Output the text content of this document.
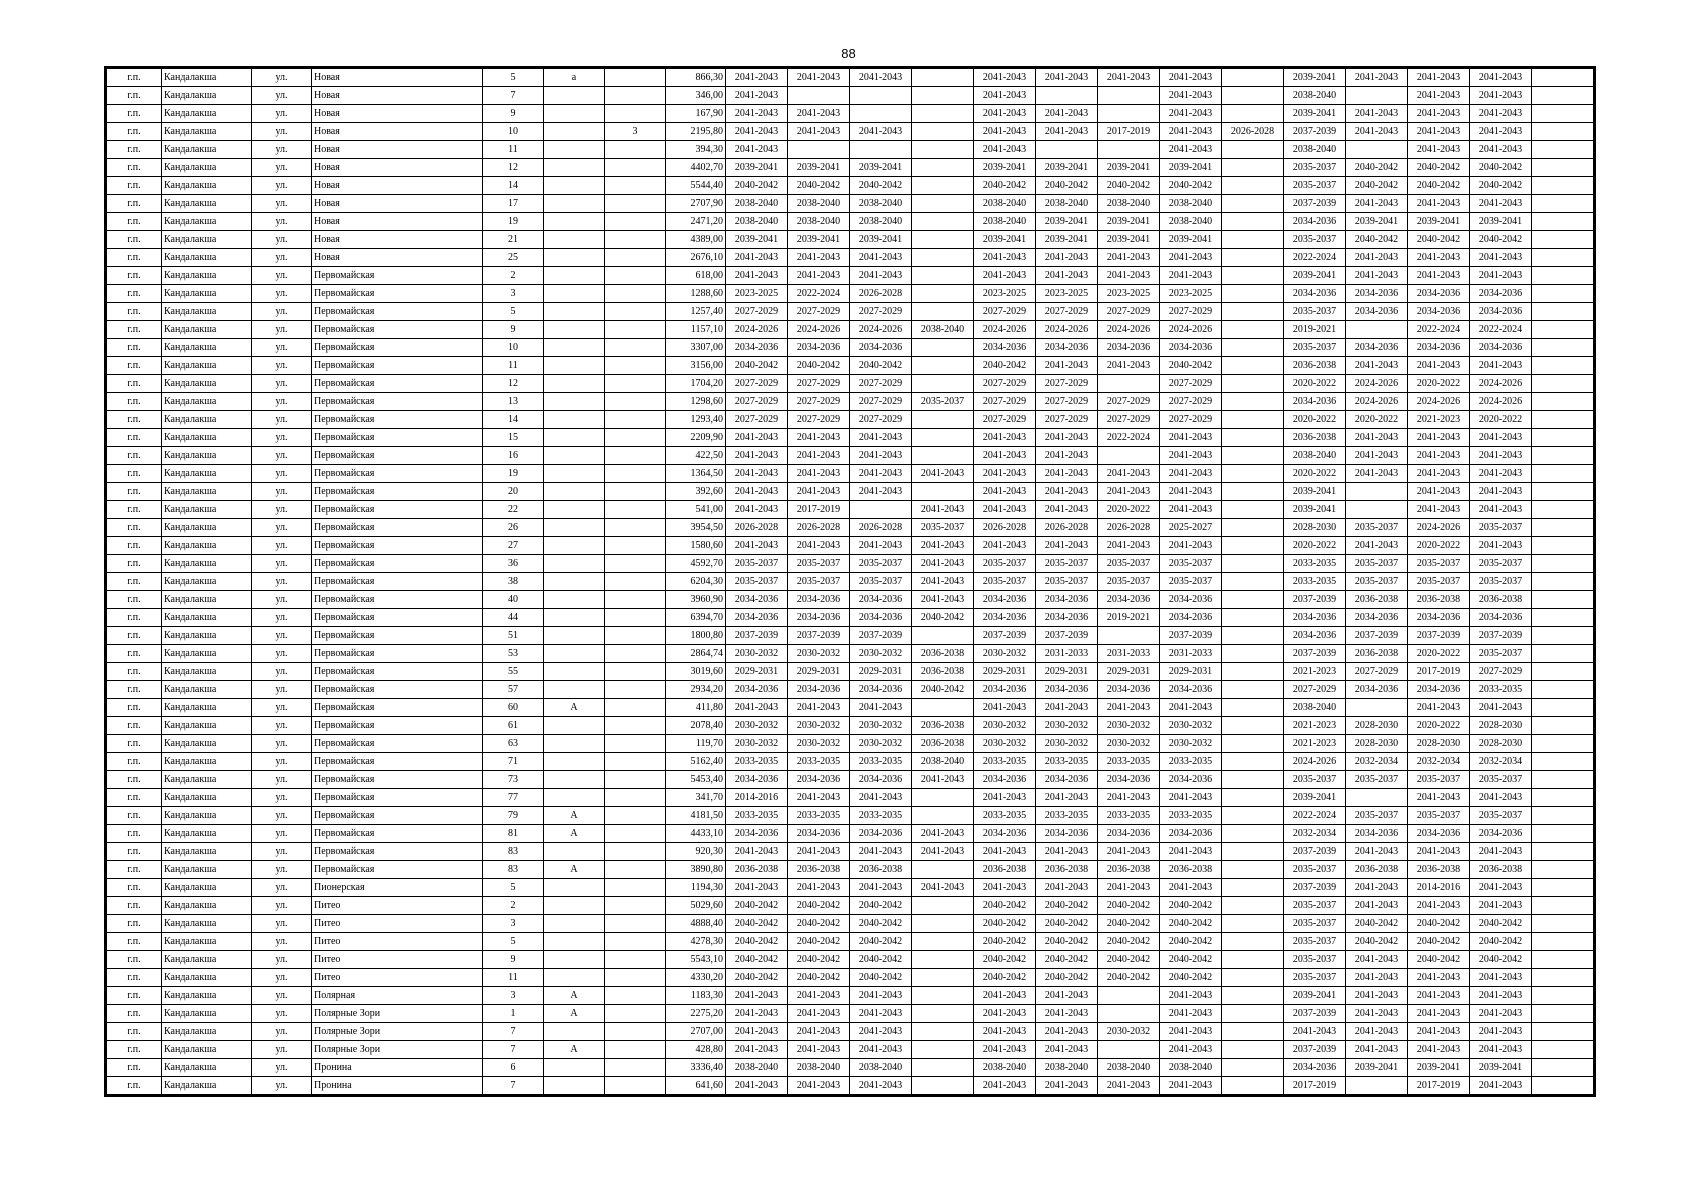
88
г.п.	Кандалакша	ул.	Новая	5	а		866,30	2041-2043	2041-2043	2041-2043		2041-2043	2041-2043	2041-2043	2041-2043		2039-2041	2041-2043	2041-2043	2041-2043	
г.п.	Кандалакша	ул.	Новая	7			346,00	2041-2043				2041-2043			2041-2043		2038-2040		2041-2043	2041-2043	
г.п.	Кандалакша	ул.	Новая	9			167,90	2041-2043	2041-2043			2041-2043	2041-2043		2041-2043		2039-2041	2041-2043	2041-2043	2041-2043	
г.п.	Кандалакша	ул.	Новая	10		3	2195,80	2041-2043	2041-2043	2041-2043		2041-2043	2041-2043	2017-2019	2041-2043	2026-2028	2037-2039	2041-2043	2041-2043	2041-2043	
г.п.	Кандалакша	ул.	Новая	11			394,30	2041-2043				2041-2043			2041-2043		2038-2040		2041-2043	2041-2043	
г.п.	Кандалакша	ул.	Новая	12			4402,70	2039-2041	2039-2041	2039-2041		2039-2041	2039-2041	2039-2041	2039-2041		2035-2037	2040-2042	2040-2042	2040-2042	
г.п.	Кандалакша	ул.	Новая	14			5544,40	2040-2042	2040-2042	2040-2042		2040-2042	2040-2042	2040-2042	2040-2042		2035-2037	2040-2042	2040-2042	2040-2042	
г.п.	Кандалакша	ул.	Новая	17			2707,90	2038-2040	2038-2040	2038-2040		2038-2040	2038-2040	2038-2040	2038-2040		2037-2039	2041-2043	2041-2043	2041-2043	
г.п.	Кандалакша	ул.	Новая	19			2471,20	2038-2040	2038-2040	2038-2040		2038-2040	2039-2041	2039-2041	2038-2040		2034-2036	2039-2041	2039-2041	2039-2041	
г.п.	Кандалакша	ул.	Новая	21			4389,00	2039-2041	2039-2041	2039-2041		2039-2041	2039-2041	2039-2041	2039-2041		2035-2037	2040-2042	2040-2042	2040-2042	
г.п.	Кандалакша	ул.	Новая	25			2676,10	2041-2043	2041-2043	2041-2043		2041-2043	2041-2043	2041-2043	2041-2043		2022-2024	2041-2043	2041-2043	2041-2043	
г.п.	Кандалакша	ул.	Первомайская	2			618,00	2041-2043	2041-2043	2041-2043		2041-2043	2041-2043	2041-2043	2041-2043		2039-2041	2041-2043	2041-2043	2041-2043	
г.п.	Кандалакша	ул.	Первомайская	3			1288,60	2023-2025	2022-2024	2026-2028		2023-2025	2023-2025	2023-2025	2023-2025		2034-2036	2034-2036	2034-2036	2034-2036	
г.п.	Кандалакша	ул.	Первомайская	5			1257,40	2027-2029	2027-2029	2027-2029		2027-2029	2027-2029	2027-2029	2027-2029		2035-2037	2034-2036	2034-2036	2034-2036	
г.п.	Кандалакша	ул.	Первомайская	9			1157,10	2024-2026	2024-2026	2024-2026	2038-2040	2024-2026	2024-2026	2024-2026	2024-2026		2019-2021		2022-2024	2022-2024	
г.п.	Кандалакша	ул.	Первомайская	10			3307,00	2034-2036	2034-2036	2034-2036		2034-2036	2034-2036	2034-2036	2034-2036		2035-2037	2034-2036	2034-2036	2034-2036	
г.п.	Кандалакша	ул.	Первомайская	11			3156,00	2040-2042	2040-2042	2040-2042		2040-2042	2041-2043	2041-2043	2040-2042		2036-2038	2041-2043	2041-2043	2041-2043	
г.п.	Кандалакша	ул.	Первомайская	12			1704,20	2027-2029	2027-2029	2027-2029		2027-2029	2027-2029		2027-2029		2020-2022	2024-2026	2020-2022	2024-2026	
г.п.	Кандалакша	ул.	Первомайская	13			1298,60	2027-2029	2027-2029	2027-2029	2035-2037	2027-2029	2027-2029	2027-2029	2027-2029		2034-2036	2024-2026	2024-2026	2024-2026	
г.п.	Кандалакша	ул.	Первомайская	14			1293,40	2027-2029	2027-2029	2027-2029		2027-2029	2027-2029	2027-2029	2027-2029		2020-2022	2020-2022	2021-2023	2020-2022	
г.п.	Кандалакша	ул.	Первомайская	15			2209,90	2041-2043	2041-2043	2041-2043		2041-2043	2041-2043	2022-2024	2041-2043		2036-2038	2041-2043	2041-2043	2041-2043	
г.п.	Кандалакша	ул.	Первомайская	16			422,50	2041-2043	2041-2043	2041-2043		2041-2043	2041-2043		2041-2043		2038-2040	2041-2043	2041-2043	2041-2043	
г.п.	Кандалакша	ул.	Первомайская	19			1364,50	2041-2043	2041-2043	2041-2043	2041-2043	2041-2043	2041-2043	2041-2043	2041-2043		2020-2022	2041-2043	2041-2043	2041-2043	
г.п.	Кандалакша	ул.	Первомайская	20			392,60	2041-2043	2041-2043	2041-2043		2041-2043	2041-2043	2041-2043	2041-2043		2039-2041		2041-2043	2041-2043	
г.п.	Кандалакша	ул.	Первомайская	22			541,00	2041-2043	2017-2019		2041-2043	2041-2043	2041-2043	2020-2022	2041-2043		2039-2041		2041-2043	2041-2043	
г.п.	Кандалакша	ул.	Первомайская	26			3954,50	2026-2028	2026-2028	2026-2028	2035-2037	2026-2028	2026-2028	2026-2028	2025-2027		2028-2030	2035-2037	2024-2026	2035-2037	
г.п.	Кандалакша	ул.	Первомайская	27			1580,60	2041-2043	2041-2043	2041-2043	2041-2043	2041-2043	2041-2043	2041-2043	2041-2043		2020-2022	2041-2043	2020-2022	2041-2043	
г.п.	Кандалакша	ул.	Первомайская	36			4592,70	2035-2037	2035-2037	2035-2037	2041-2043	2035-2037	2035-2037	2035-2037	2035-2037		2033-2035	2035-2037	2035-2037	2035-2037	
г.п.	Кандалакша	ул.	Первомайская	38			6204,30	2035-2037	2035-2037	2035-2037	2041-2043	2035-2037	2035-2037	2035-2037	2035-2037		2033-2035	2035-2037	2035-2037	2035-2037	
г.п.	Кандалакша	ул.	Первомайская	40			3960,90	2034-2036	2034-2036	2034-2036	2041-2043	2034-2036	2034-2036	2034-2036	2034-2036		2037-2039	2036-2038	2036-2038	2036-2038	
г.п.	Кандалакша	ул.	Первомайская	44			6394,70	2034-2036	2034-2036	2034-2036	2040-2042	2034-2036	2034-2036	2019-2021	2034-2036		2034-2036	2034-2036	2034-2036	2034-2036	
г.п.	Кандалакша	ул.	Первомайская	51			1800,80	2037-2039	2037-2039	2037-2039		2037-2039	2037-2039		2037-2039		2034-2036	2037-2039	2037-2039	2037-2039	
г.п.	Кандалакша	ул.	Первомайская	53			2864,74	2030-2032	2030-2032	2030-2032	2036-2038	2030-2032	2031-2033	2031-2033	2031-2033		2037-2039	2036-2038	2020-2022	2035-2037	
г.п.	Кандалакша	ул.	Первомайская	55			3019,60	2029-2031	2029-2031	2029-2031	2036-2038	2029-2031	2029-2031	2029-2031	2029-2031		2021-2023	2027-2029	2017-2019	2027-2029	
г.п.	Кандалакша	ул.	Первомайская	57			2934,20	2034-2036	2034-2036	2034-2036	2040-2042	2034-2036	2034-2036	2034-2036	2034-2036		2027-2029	2034-2036	2034-2036	2033-2035	
г.п.	Кандалакша	ул.	Первомайская	60	А		411,80	2041-2043	2041-2043	2041-2043		2041-2043	2041-2043	2041-2043	2041-2043		2038-2040		2041-2043	2041-2043	
г.п.	Кандалакша	ул.	Первомайская	61			2078,40	2030-2032	2030-2032	2030-2032	2036-2038	2030-2032	2030-2032	2030-2032	2030-2032		2021-2023	2028-2030	2020-2022	2028-2030	
г.п.	Кандалакша	ул.	Первомайская	63			119,70	2030-2032	2030-2032	2030-2032	2036-2038	2030-2032	2030-2032	2030-2032	2030-2032		2021-2023	2028-2030	2028-2030	2028-2030	
г.п.	Кандалакша	ул.	Первомайская	71			5162,40	2033-2035	2033-2035	2033-2035	2038-2040	2033-2035	2033-2035	2033-2035	2033-2035		2024-2026	2032-2034	2032-2034	2032-2034	
г.п.	Кандалакша	ул.	Первомайская	73			5453,40	2034-2036	2034-2036	2034-2036	2041-2043	2034-2036	2034-2036	2034-2036	2034-2036		2035-2037	2035-2037	2035-2037	2035-2037	
г.п.	Кандалакша	ул.	Первомайская	77			341,70	2014-2016	2041-2043	2041-2043		2041-2043	2041-2043	2041-2043	2041-2043		2039-2041		2041-2043	2041-2043	
г.п.	Кандалакша	ул.	Первомайская	79	А		4181,50	2033-2035	2033-2035	2033-2035		2033-2035	2033-2035	2033-2035	2033-2035		2022-2024	2035-2037	2035-2037	2035-2037	
г.п.	Кандалакша	ул.	Первомайская	81	А		4433,10	2034-2036	2034-2036	2034-2036	2041-2043	2034-2036	2034-2036	2034-2036	2034-2036		2032-2034	2034-2036	2034-2036	2034-2036	
г.п.	Кандалакша	ул.	Первомайская	83			920,30	2041-2043	2041-2043	2041-2043	2041-2043	2041-2043	2041-2043	2041-2043	2041-2043		2037-2039	2041-2043	2041-2043	2041-2043	
г.п.	Кандалакша	ул.	Первомайская	83	А		3890,80	2036-2038	2036-2038	2036-2038		2036-2038	2036-2038	2036-2038	2036-2038		2035-2037	2036-2038	2036-2038	2036-2038	
г.п.	Кандалакша	ул.	Пионерская	5			1194,30	2041-2043	2041-2043	2041-2043	2041-2043	2041-2043	2041-2043	2041-2043	2041-2043		2037-2039	2041-2043	2014-2016	2041-2043	
г.п.	Кандалакша	ул.	Питео	2			5029,60	2040-2042	2040-2042	2040-2042		2040-2042	2040-2042	2040-2042	2040-2042		2035-2037	2041-2043	2041-2043	2041-2043	
г.п.	Кандалакша	ул.	Питео	3			4888,40	2040-2042	2040-2042	2040-2042		2040-2042	2040-2042	2040-2042	2040-2042		2035-2037	2040-2042	2040-2042	2040-2042	
г.п.	Кандалакша	ул.	Питео	5			4278,30	2040-2042	2040-2042	2040-2042		2040-2042	2040-2042	2040-2042	2040-2042		2035-2037	2040-2042	2040-2042	2040-2042	
г.п.	Кандалакша	ул.	Питео	9			5543,10	2040-2042	2040-2042	2040-2042		2040-2042	2040-2042	2040-2042	2040-2042		2035-2037	2041-2043	2040-2042	2040-2042	
г.п.	Кандалакша	ул.	Питео	11			4330,20	2040-2042	2040-2042	2040-2042		2040-2042	2040-2042	2040-2042	2040-2042		2035-2037	2041-2043	2041-2043	2041-2043	
г.п.	Кандалакша	ул.	Полярная	3	А		1183,30	2041-2043	2041-2043	2041-2043		2041-2043	2041-2043		2041-2043		2039-2041	2041-2043	2041-2043	2041-2043	
г.п.	Кандалакша	ул.	Полярные Зори	1	А		2275,20	2041-2043	2041-2043	2041-2043		2041-2043	2041-2043		2041-2043		2037-2039	2041-2043	2041-2043	2041-2043	
г.п.	Кандалакша	ул.	Полярные Зори	7			2707,00	2041-2043	2041-2043	2041-2043		2041-2043	2041-2043	2030-2032	2041-2043		2041-2043	2041-2043	2041-2043	2041-2043	
г.п.	Кандалакша	ул.	Полярные Зори	7	А		428,80	2041-2043	2041-2043	2041-2043		2041-2043	2041-2043		2041-2043		2037-2039	2041-2043	2041-2043	2041-2043	
г.п.	Кандалакша	ул.	Пронина	6			3336,40	2038-2040	2038-2040	2038-2040		2038-2040	2038-2040	2038-2040	2038-2040		2034-2036	2039-2041	2039-2041	2039-2041	
г.п.	Кандалакша	ул.	Пронина	7			641,60	2041-2043	2041-2043	2041-2043		2041-2043	2041-2043	2041-2043	2041-2043		2017-2019		2017-2019	2041-2043	
